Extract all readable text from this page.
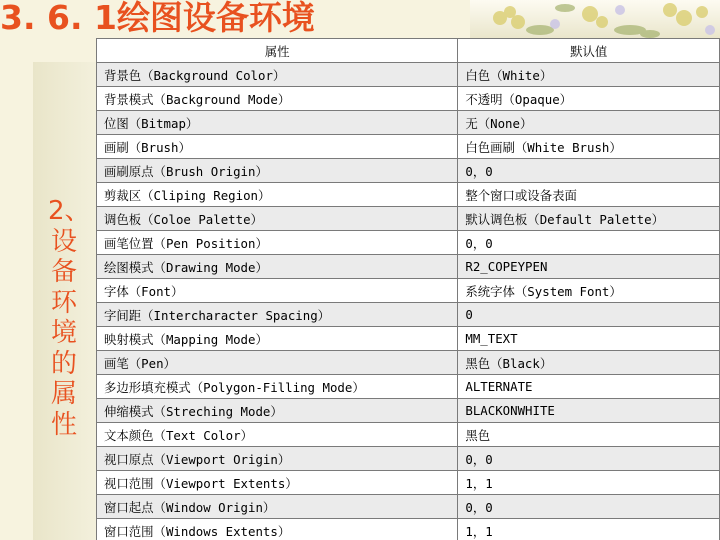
3. 6. 1绘图设备环境
2、
设
备
环
境
的
属
性
属性	默认值
背景色（Background Color）	白色（White）
背景模式（Background Mode）	不透明（Opaque）
位图（Bitmap）	无（None）
画刷（Brush）	白色画刷（White Brush）
画刷原点（Brush Origin）	0，0
剪裁区（Cliping Region）	整个窗口或设备表面
调色板（Coloe Palette）	默认调色板（Default Palette）
画笔位置（Pen Position）	0，0
绘图模式（Drawing Mode）	R2_COPEYPEN
字体（Font）	系统字体（System Font）
字间距（Intercharacter Spacing）	0
映射模式（Mapping Mode）	MM_TEXT
画笔（Pen）	黑色（Black）
多边形填充模式（Polygon-Filling Mode）	ALTERNATE
伸缩模式（Streching Mode）	BLACKONWHITE
文本颜色（Text Color）	黑色
视口原点（Viewport Origin）	0，0
视口范围（Viewport Extents）	1，1
窗口起点（Window Origin）	0，0
窗口范围（Windows Extents）	1，1
